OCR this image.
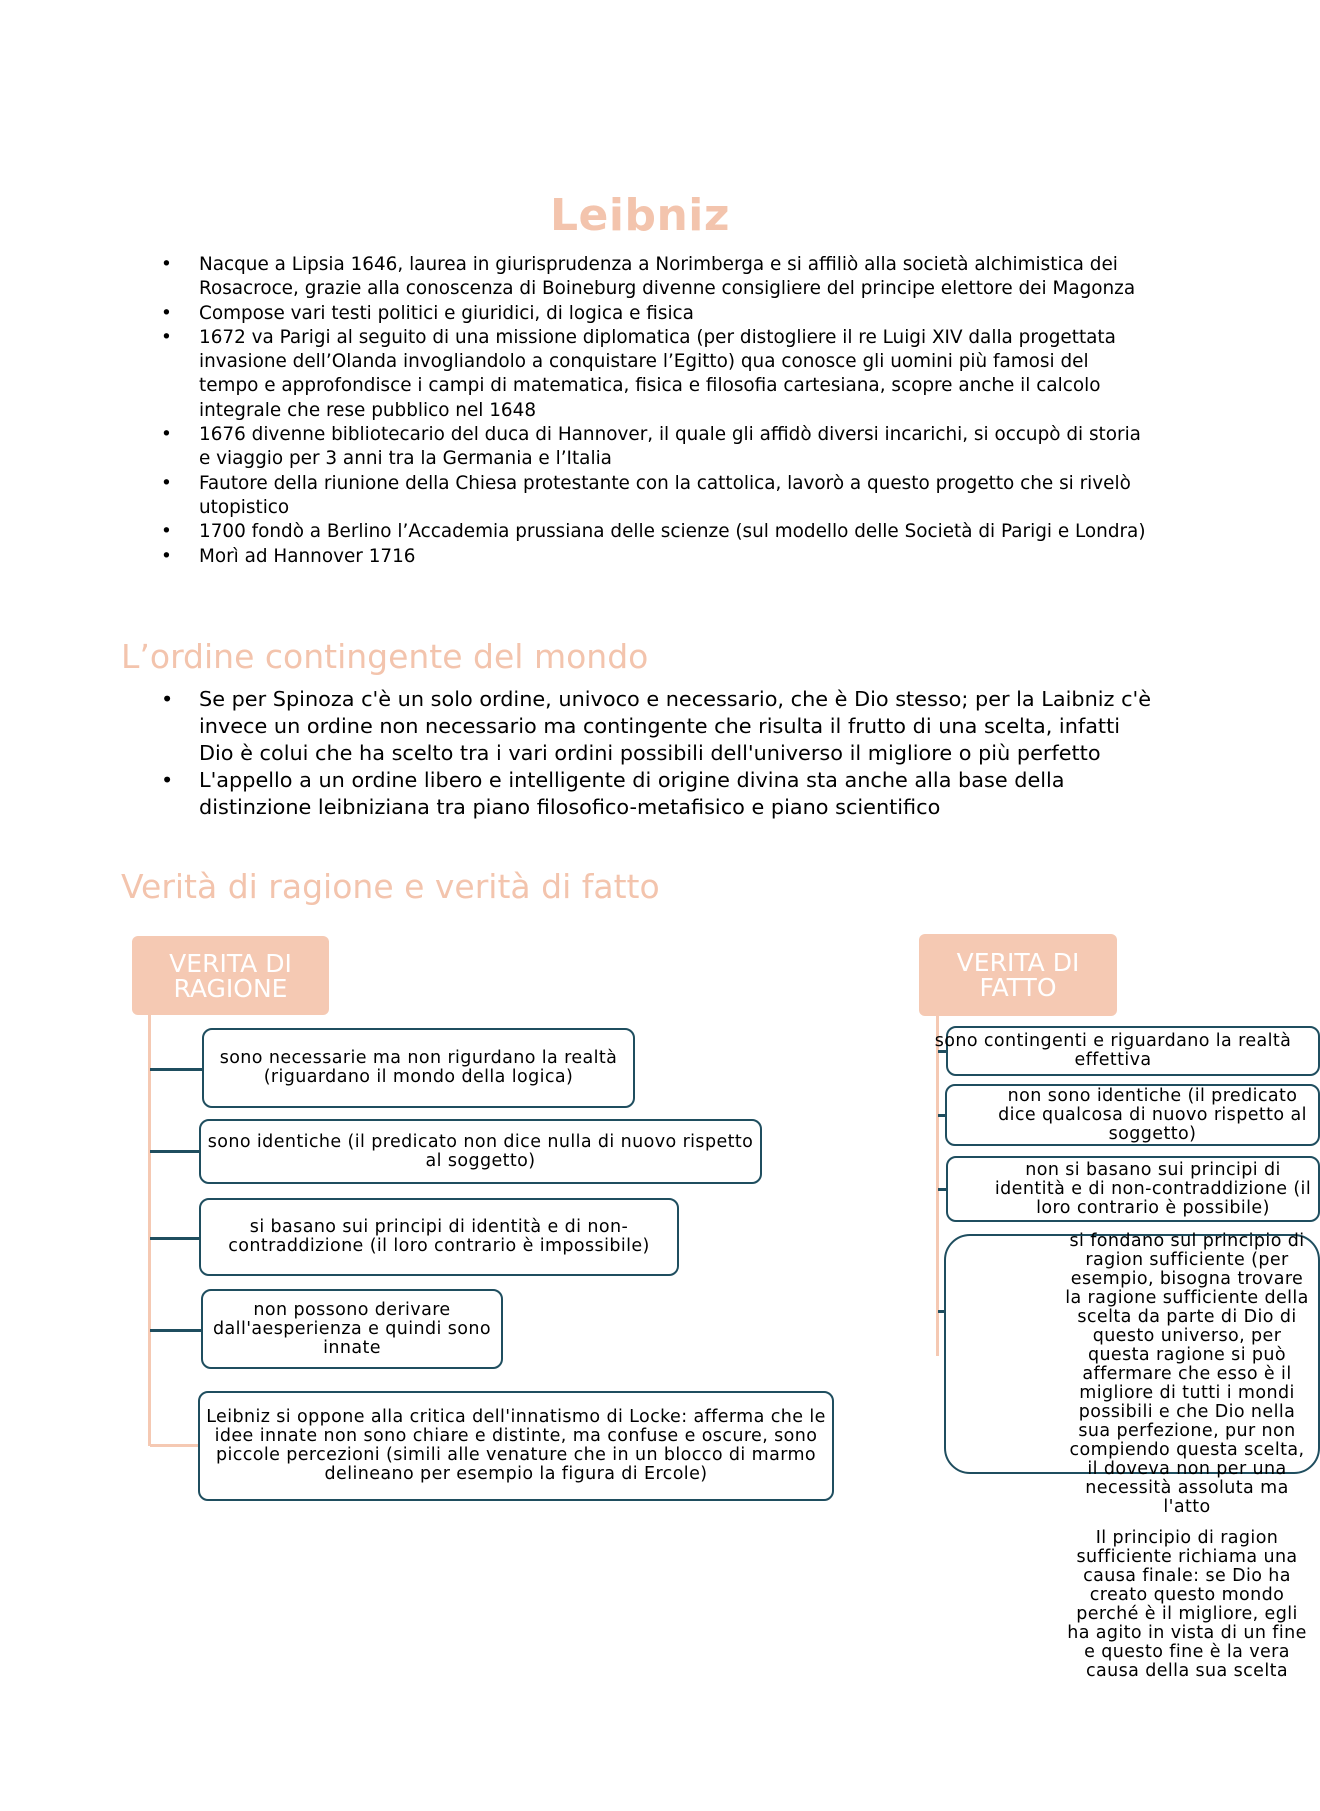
Leibniz
• Nacque a Lipsia 1646, laurea in giurisprudenza a Norimberga e si affiliò alla società alchimistica dei Rosacroce, grazie alla conoscenza di Boineburg divenne consigliere del principe elettore dei Magonza
• Compose vari testi politici e giuridici, di logica e fisica
• 1672 va Parigi al seguito di una missione diplomatica (per distogliere il re Luigi XIV dalla progettata invasione dell’Olanda invogliandolo a conquistare l’Egitto) qua conosce gli uomini più famosi del tempo e approfondisce i campi di matematica, fisica e filosofia cartesiana, scopre anche il calcolo integrale che rese pubblico nel 1648
• 1676 divenne bibliotecario del duca di Hannover, il quale gli affidò diversi incarichi, si occupò di storia e viaggio per 3 anni tra la Germania e l’Italia
• Fautore della riunione della Chiesa protestante con la cattolica, lavorò a questo progetto che si rivelò utopistico
• 1700 fondò a Berlino l’Accademia prussiana delle scienze (sul modello delle Società di Parigi e Londra)
• Morì ad Hannover 1716
L’ordine contingente del mondo
• Se per Spinoza c'è un solo ordine, univoco e necessario, che è Dio stesso; per la Laibniz c'è invece un ordine non necessario ma contingente che risulta il frutto di una scelta, infatti Dio è colui che ha scelto tra i vari ordini possibili dell'universo il migliore o più perfetto
• L'appello a un ordine libero e intelligente di origine divina sta anche alla base della distinzione leibniziana tra piano filosofico-metafisico e piano scientifico
Verità di ragione e verità di fatto
VERITA DI RAGIONE
sono necessarie ma non rigurdano la realtà (riguardano il mondo della logica)
sono identiche (il predicato non dice nulla di nuovo rispetto al soggetto)
si basano sui principi di identità e di non-contraddizione (il loro contrario è impossibile)
non possono derivare dall'aesperienza e quindi sono innate
Leibniz si oppone alla critica dell'innatismo di Locke: afferma che le idee innate non sono chiare e distinte, ma confuse e oscure, sono piccole percezioni (simili alle venature che in un blocco di marmo delineano per esempio la figura di Ercole)
VERITA DI FATTO
sono contingenti e riguardano la realtà effettiva
non sono identiche (il predicato dice qualcosa di nuovo rispetto al soggetto)
non si basano sui principi di identità e di non-contraddizione (il loro contrario è possibile)

si fondano sul principio di ragion sufficiente (per esempio, bisogna trovare la ragione sufficiente della scelta da parte di Dio di questo universo, per questa ragione si può affermare che esso è il migliore di tutti i mondi possibili e che Dio nella sua perfezione, pur non compiendo questa scelta, il doveva non per una necessità assoluta ma l'atto

Il principio di ragion sufficiente richiama una causa finale: se Dio ha creato questo mondo perché è il migliore, egli ha agito in vista di un fine e questo fine è la vera causa della sua scelta
